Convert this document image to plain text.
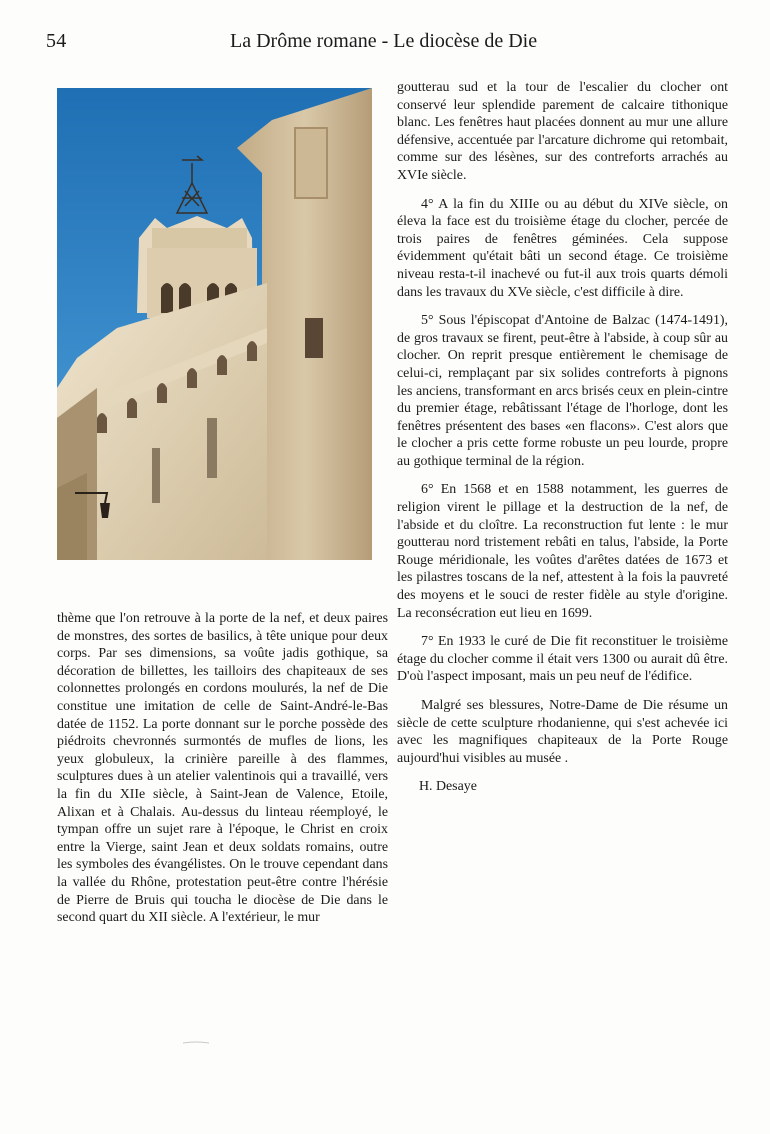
54	La Drôme romane - Le diocèse de Die

goutterau sud et la tour de l'escalier du clocher ont conservé leur splendide parement de calcaire tithonique blanc. Les fenêtres haut placées donnent au mur une allure défensive, accentuée par l'arcature dichrome qui retombait, comme sur des lésènes, sur des contreforts arrachés au XVIe siècle.

4° A la fin du XIIIe ou au début du XIVe siècle, on éleva la face est du troisième étage du clocher, percée de trois paires de fenêtres géminées. Cela suppose évidemment qu'était bâti un second étage. Ce troisième niveau resta-t-il inachevé ou fut-il aux trois quarts démoli dans les travaux du XVe siècle, c'est difficile à dire.

5° Sous l'épiscopat d'Antoine de Balzac (1474-1491), de gros travaux se firent, peut-être à l'abside, à coup sûr au clocher. On reprit presque entièrement le chemisage de celui-ci, remplaçant par six solides contreforts à pignons les anciens, transformant en arcs brisés ceux en plein-cintre du premier étage, rebâtissant l'étage de l'horloge, dont les fenêtres présentent des bases «en flacons». C'est alors que le clocher a pris cette forme robuste un peu lourde, propre au gothique terminal de la région.

6° En 1568 et en 1588 notamment, les guerres de religion virent le pillage et la destruction de la nef, de l'abside et du cloître. La reconstruction fut lente : le mur goutterau nord tristement rebâti en talus, l'abside, la Porte Rouge méridionale, les voûtes d'arêtes datées de 1673 et les pilastres toscans de la nef, attestent à la fois la pauvreté des moyens et le souci de rester fidèle au style d'origine. La reconsécration eut lieu en 1699.

7° En 1933 le curé de Die fit reconstituer le troisième étage du clocher comme il était vers 1300 ou aurait dû être. D'où l'aspect imposant, mais un peu neuf de l'édifice.

Malgré ses blessures, Notre-Dame de Die résume un siècle de cette sculpture rhodanienne, qui s'est achevée ici avec les magnifiques chapiteaux de la Porte Rouge aujourd'hui visibles au musée .

H. Desaye

thème que l'on retrouve à la porte de la nef, et deux paires de monstres, des sortes de basilics, à tête unique pour deux corps. Par ses dimensions, sa voûte jadis gothique, sa décoration de billettes, les tailloirs des chapiteaux de ses colonnettes prolongés en cordons moulurés, la nef de Die constitue une imitation de celle de Saint-André-le-Bas datée de 1152. La porte donnant sur le porche possède des piédroits chevronnés surmontés de mufles de lions, les yeux globuleux, la crinière pareille à des flammes, sculptures dues à un atelier valentinois qui a travaillé, vers la fin du XIIe siècle, à Saint-Jean de Valence, Etoile, Alixan et à Chalais. Au-dessus du linteau réemployé, le tympan offre un sujet rare à l'époque, le Christ en croix entre la Vierge, saint Jean et deux soldats romains, outre les symboles des évangélistes. On le trouve cependant dans la vallée du Rhône, protestation peut-être contre l'hérésie de Pierre de Bruis qui toucha le diocèse de Die dans le second quart du XII siècle. A l'extérieur, le mur
